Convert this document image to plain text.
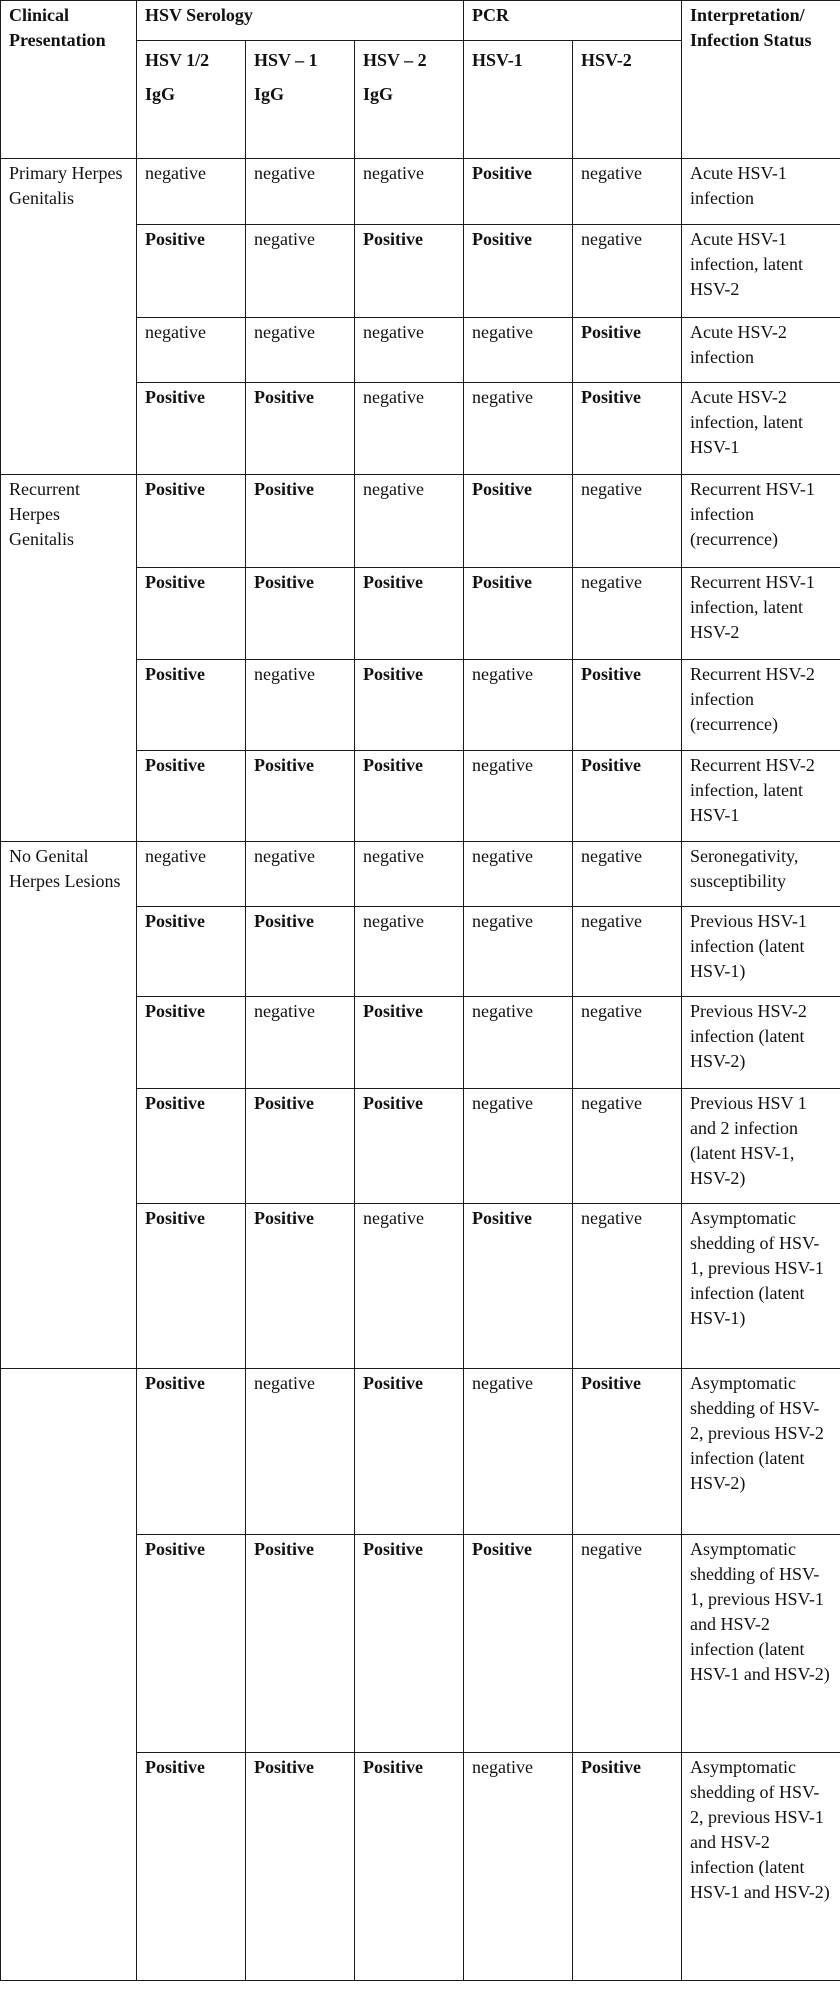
Clinical Presentation	HSV Serology			PCR		Interpretation/ Infection Status
	HSV 1/2 IgG	HSV – 1 IgG	HSV – 2 IgG	HSV-1	HSV-2	
Primary Herpes Genitalis	negative	negative	negative	Positive	negative	Acute HSV-1 infection
	Positive	negative	Positive	Positive	negative	Acute HSV-1 infection, latent HSV-2
	negative	negative	negative	negative	Positive	Acute HSV-2 infection
	Positive	Positive	negative	negative	Positive	Acute HSV-2 infection, latent HSV-1
Recurrent Herpes Genitalis	Positive	Positive	negative	Positive	negative	Recurrent HSV-1 infection (recurrence)
	Positive	Positive	Positive	Positive	negative	Recurrent HSV-1 infection, latent HSV-2
	Positive	negative	Positive	negative	Positive	Recurrent HSV-2 infection (recurrence)
	Positive	Positive	Positive	negative	Positive	Recurrent HSV-2 infection, latent HSV-1
No Genital Herpes Lesions	negative	negative	negative	negative	negative	Seronegativity, susceptibility
	Positive	Positive	negative	negative	negative	Previous HSV-1 infection (latent HSV-1)
	Positive	negative	Positive	negative	negative	Previous HSV-2 infection (latent HSV-2)
	Positive	Positive	Positive	negative	negative	Previous HSV 1 and 2 infection (latent HSV-1, HSV-2)
	Positive	Positive	negative	Positive	negative	Asymptomatic shedding of HSV-1, previous HSV-1 infection (latent HSV-1)
	Positive	negative	Positive	negative	Positive	Asymptomatic shedding of HSV-2, previous HSV-2 infection (latent HSV-2)
	Positive	Positive	Positive	Positive	negative	Asymptomatic shedding of HSV-1, previous HSV-1 and HSV-2 infection (latent HSV-1 and HSV-2)
	Positive	Positive	Positive	negative	Positive	Asymptomatic shedding of HSV-2, previous HSV-1 and HSV-2 infection (latent HSV-1 and HSV-2)
